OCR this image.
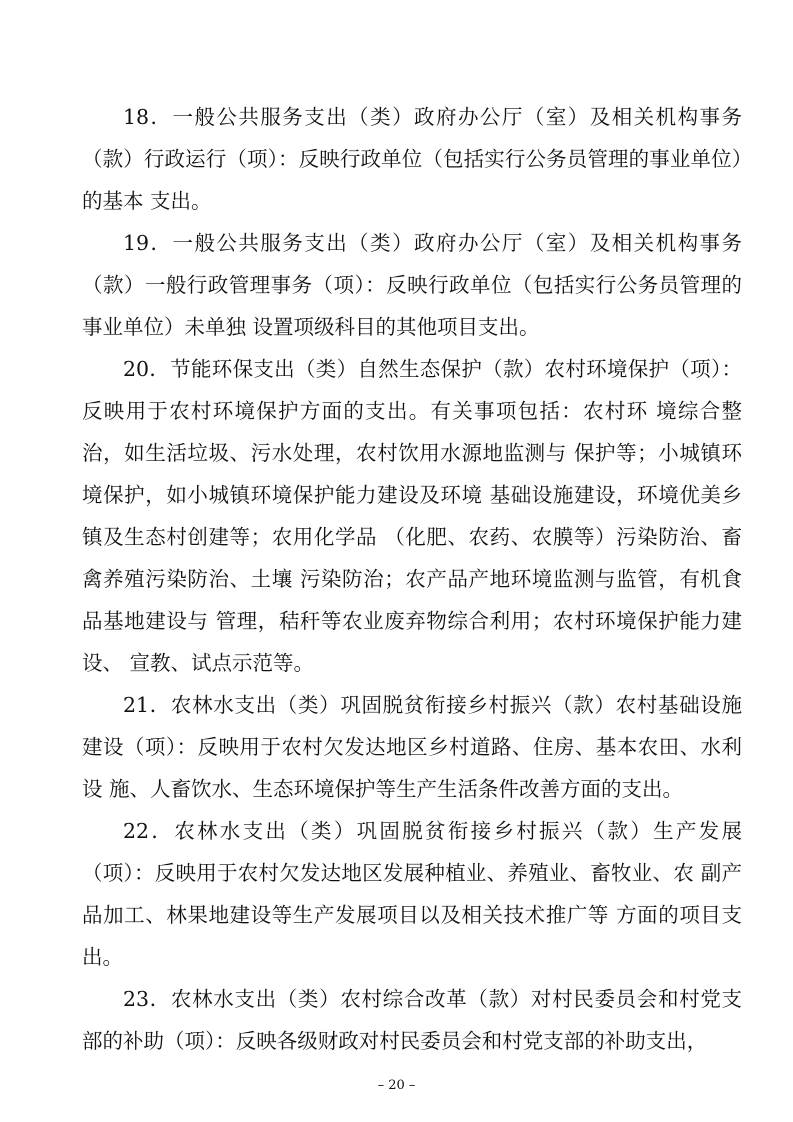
18．一般公共服务支出（类）政府办公厅（室）及相关机构事务（款）行政运行（项）：反映行政单位（包括实行公务员管理的事业单位）的基本 支出。

19．一般公共服务支出（类）政府办公厅（室）及相关机构事务（款）一般行政管理事务（项）：反映行政单位（包括实行公务员管理的事业单位）未单独 设置项级科目的其他项目支出。

20．节能环保支出（类）自然生态保护（款）农村环境保护（项）：反映用于农村环境保护方面的支出。有关事项包括：农村环 境综合整治，如生活垃圾、污水处理，农村饮用水源地监测与 保护等；小城镇环境保护，如小城镇环境保护能力建设及环境 基础设施建设，环境优美乡镇及生态村创建等；农用化学品 （化肥、农药、农膜等）污染防治、畜禽养殖污染防治、土壤 污染防治；农产品产地环境监测与监管，有机食品基地建设与 管理，秸秆等农业废弃物综合利用；农村环境保护能力建设、 宣教、试点示范等。

21．农林水支出（类）巩固脱贫衔接乡村振兴（款）农村基础设施建设（项）：反映用于农村欠发达地区乡村道路、住房、基本农田、水利设 施、人畜饮水、生态环境保护等生产生活条件改善方面的支出。

22．农林水支出（类）巩固脱贫衔接乡村振兴（款）生产发展（项）：反映用于农村欠发达地区发展种植业、养殖业、畜牧业、农 副产品加工、林果地建设等生产发展项目以及相关技术推广等 方面的项目支出。

23．农林水支出（类）农村综合改革（款）对村民委员会和村党支部的补助（项）：反映各级财政对村民委员会和村党支部的补助支出，

– 20 –
